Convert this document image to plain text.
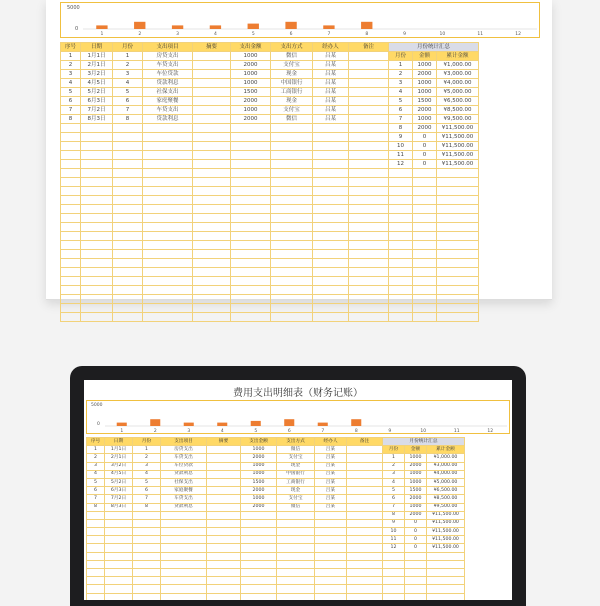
5000
0
1	2	3	4	5	6	7	8	9	10	11	12
序号	日期	月份	支出项目	摘要	支出金额	支出方式	经办人	备注	月份统计汇总		
1	1月1日	1	房贷支出		1000	微信	吕某		月份	金额	累计金额
2	2月1日	2	车贷支出		2000	支付宝	吕某		1	1000	¥1,000.00
3	3月2日	3	车位贷款		1000	现金	吕某		2	2000	¥3,000.00
4	4月5日	4	贷款利息		1000	中国银行	吕某		3	1000	¥4,000.00
5	5月2日	5	社保支出		1500	工商银行	吕某		4	1000	¥5,000.00
6	6月3日	6	家庭聚餐		2000	现金	吕某		5	1500	¥6,500.00
7	7月2日	7	车贷支出		1000	支付宝	吕某		6	2000	¥8,500.00
8	8月3日	8	贷款利息		2000	微信	吕某		7	1000	¥9,500.00
									8	2000	¥11,500.00
									9	0	¥11,500.00
									10	0	¥11,500.00
									11	0	¥11,500.00
									12	0	¥11,500.00

费用支出明细表（财务记账）
5000
0
1	2	3	4	5	6	7	8	9	10	11	12
序号	日期	月份	支出项目	摘要	支出金额	支出方式	经办人	备注	月份统计汇总		
1	1月1日	1	房贷支出		1000	微信	吕某		月份	金额	累计金额
2	2月1日	2	车贷支出		2000	支付宝	吕某		1	1000	¥1,000.00
3	3月2日	3	车位贷款		1000	现金	吕某		2	2000	¥3,000.00
4	4月5日	4	贷款利息		1000	中国银行	吕某		3	1000	¥4,000.00
5	5月2日	5	社保支出		1500	工商银行	吕某		4	1000	¥5,000.00
6	6月3日	6	家庭聚餐		2000	现金	吕某		5	1500	¥6,500.00
7	7月2日	7	车贷支出		1000	支付宝	吕某		6	2000	¥8,500.00
8	8月3日	8	贷款利息		2000	微信	吕某		7	1000	¥9,500.00
									8	2000	¥11,500.00
									9	0	¥11,500.00
									10	0	¥11,500.00
									11	0	¥11,500.00
									12	0	¥11,500.00
